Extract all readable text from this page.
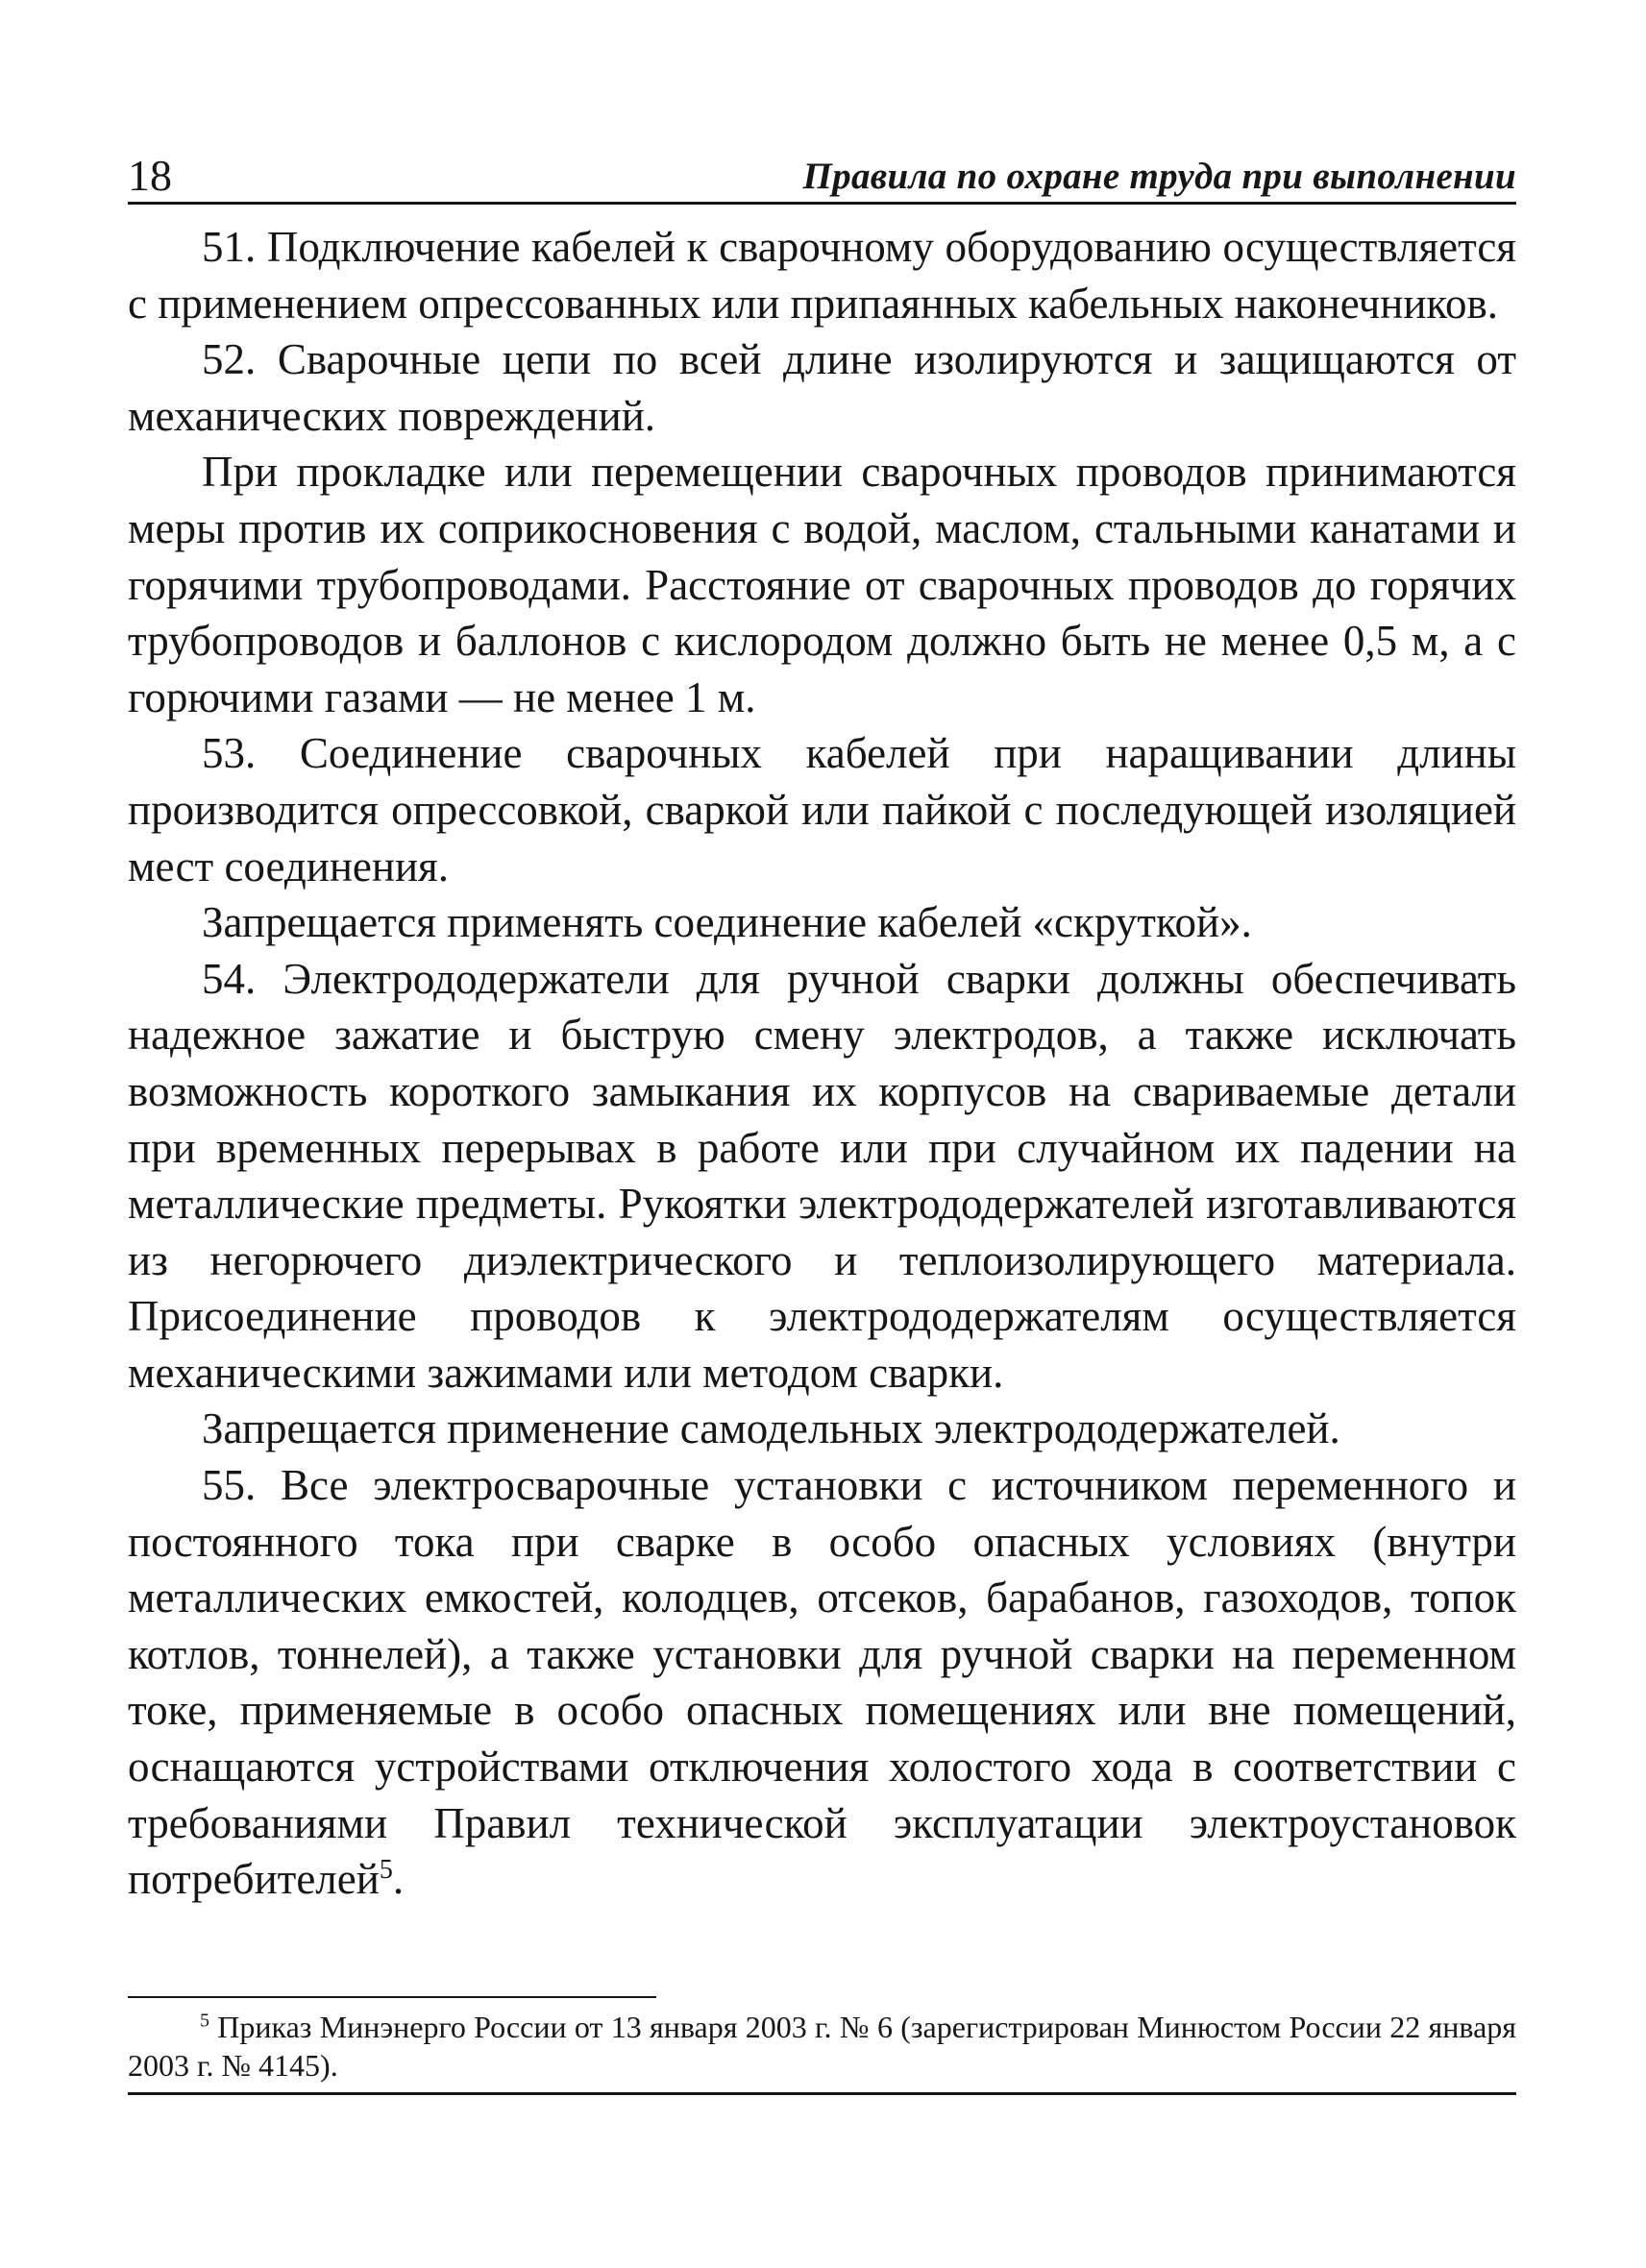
18	Правила по охране труда при выполнении

51. Подключение кабелей к сварочному оборудованию осуществляется с применением опрессованных или припаянных кабельных наконечников.

52. Сварочные цепи по всей длине изолируются и защищаются от механических повреждений.

При прокладке или перемещении сварочных проводов принимаются меры против их соприкосновения с водой, маслом, стальными канатами и горячими трубопроводами. Расстояние от сварочных проводов до горячих трубопроводов и баллонов с кислородом должно быть не менее 0,5 м, а с горючими газами — не менее 1 м.

53. Соединение сварочных кабелей при наращивании длины производится опрессовкой, сваркой или пайкой с последующей изоляцией мест соединения.

Запрещается применять соединение кабелей «скруткой».

54. Электрододержатели для ручной сварки должны обеспечивать надежное зажатие и быструю смену электродов, а также исключать возможность короткого замыкания их корпусов на свариваемые детали при временных перерывах в работе или при случайном их падении на металлические предметы. Рукоятки электрододержателей изготавливаются из негорючего диэлектрического и теплоизолирующего материала. Присоединение проводов к электрододержателям осуществляется механическими зажимами или методом сварки.

Запрещается применение самодельных электрододержателей.

55. Все электросварочные установки с источником переменного и постоянного тока при сварке в особо опасных условиях (внутри металлических емкостей, колодцев, отсеков, барабанов, газоходов, топок котлов, тоннелей), а также установки для ручной сварки на переменном токе, применяемые в особо опасных помещениях или вне помещений, оснащаются устройствами отключения холостого хода в соответствии с требованиями Правил технической эксплуатации электроустановок потребителей$^5$.

$^5$ Приказ Минэнерго России от 13 января 2003 г. № 6 (зарегистрирован Минюстом России 22 января 2003 г. № 4145).
